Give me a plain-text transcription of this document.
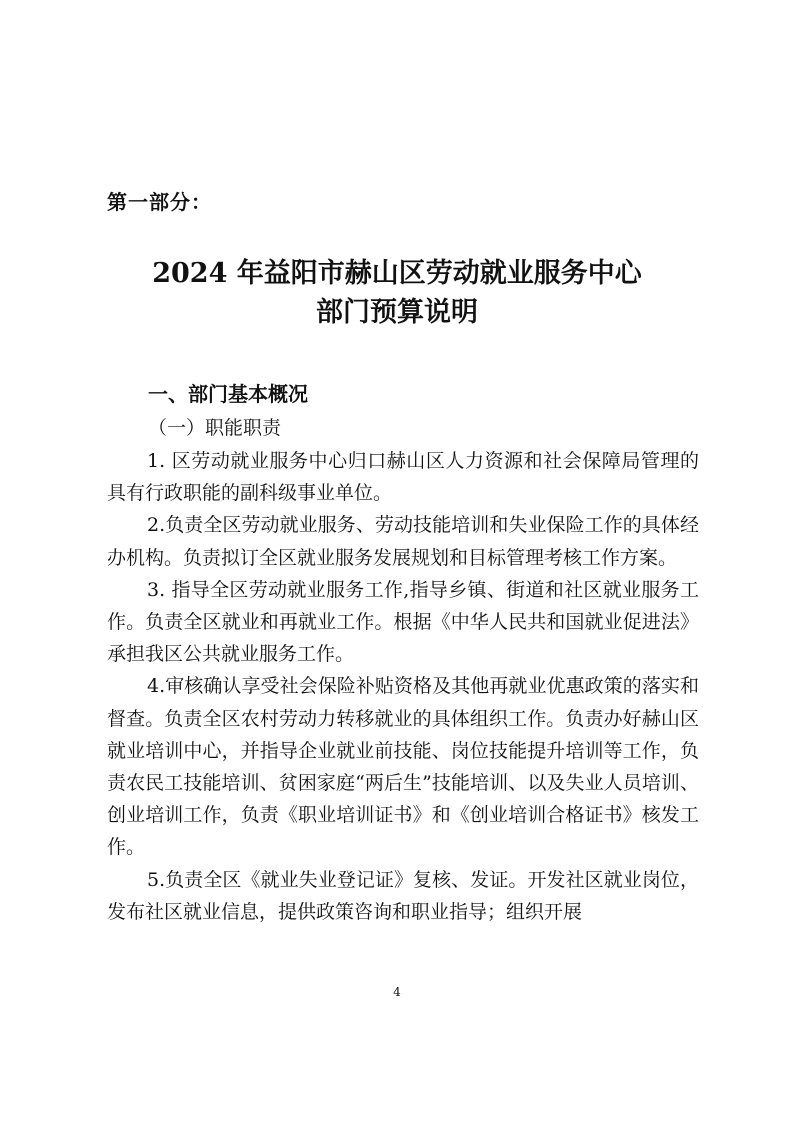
第一部分：
2024 年益阳市赫山区劳动就业服务中心
部门预算说明
一、部门基本概况
（一）职能职责

1. 区劳动就业服务中心归口赫山区人力资源和社会保障局管理的具有行政职能的副科级事业单位。

2.负责全区劳动就业服务、劳动技能培训和失业保险工作的具体经办机构。负责拟订全区就业服务发展规划和目标管理考核工作方案。

3. 指导全区劳动就业服务工作,指导乡镇、街道和社区就业服务工作。负责全区就业和再就业工作。根据《中华人民共和国就业促进法》承担我区公共就业服务工作。

4.审核确认享受社会保险补贴资格及其他再就业优惠政策的落实和督查。负责全区农村劳动力转移就业的具体组织工作。负责办好赫山区就业培训中心，并指导企业就业前技能、岗位技能提升培训等工作，负责农民工技能培训、贫困家庭“两后生”技能培训、以及失业人员培训、创业培训工作，负责《职业培训证书》和《创业培训合格证书》核发工作。

5.负责全区《就业失业登记证》复核、发证。开发社区就业岗位，发布社区就业信息，提供政策咨询和职业指导；组织开展

4
